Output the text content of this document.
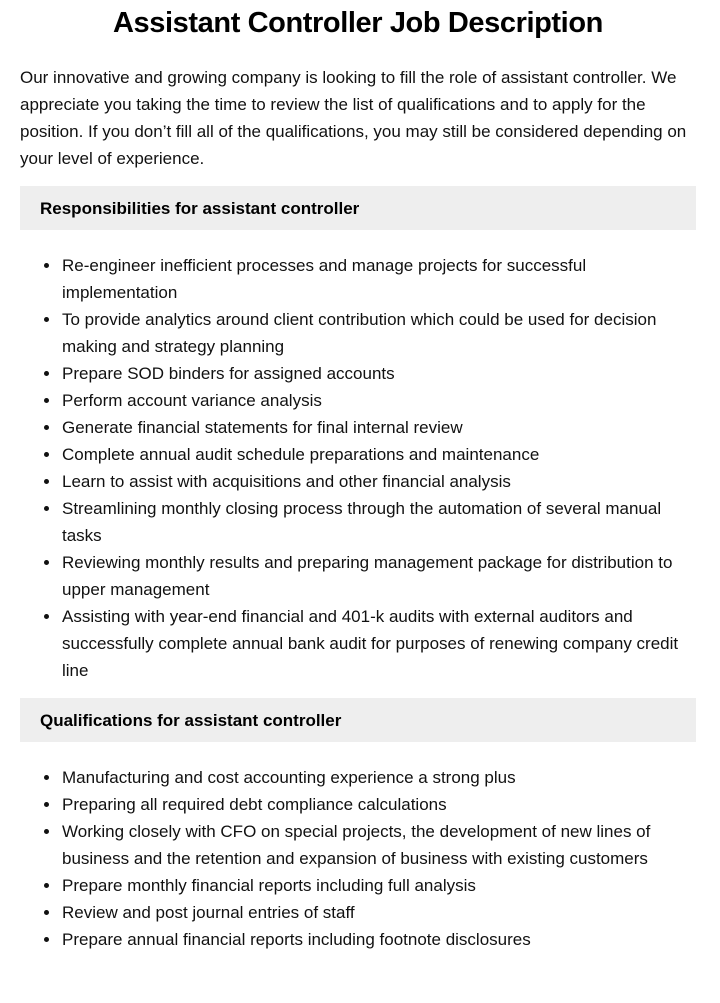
Assistant Controller Job Description

Our innovative and growing company is looking to fill the role of assistant controller. We appreciate you taking the time to review the list of qualifications and to apply for the position. If you don’t fill all of the qualifications, you may still be considered depending on your level of experience.

Responsibilities for assistant controller
• Re-engineer inefficient processes and manage projects for successful implementation
• To provide analytics around client contribution which could be used for decision making and strategy planning
• Prepare SOD binders for assigned accounts
• Perform account variance analysis
• Generate financial statements for final internal review
• Complete annual audit schedule preparations and maintenance
• Learn to assist with acquisitions and other financial analysis
• Streamlining monthly closing process through the automation of several manual tasks
• Reviewing monthly results and preparing management package for distribution to upper management
• Assisting with year-end financial and 401-k audits with external auditors and successfully complete annual bank audit for purposes of renewing company credit line
Qualifications for assistant controller
• Manufacturing and cost accounting experience a strong plus
• Preparing all required debt compliance calculations
• Working closely with CFO on special projects, the development of new lines of business and the retention and expansion of business with existing customers
• Prepare monthly financial reports including full analysis
• Review and post journal entries of staff
• Prepare annual financial reports including footnote disclosures
